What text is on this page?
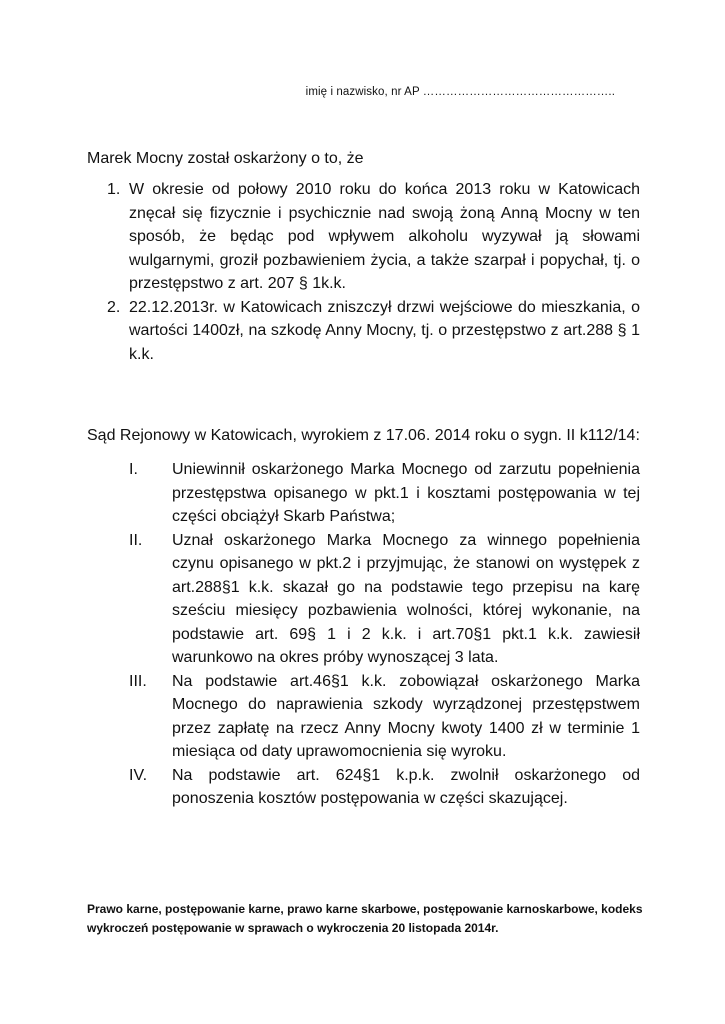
imię i nazwisko, nr AP …………………………………………..
Marek Mocny został oskarżony o to, że
1. W okresie od połowy 2010 roku do końca 2013 roku w Katowicach znęcał się fizycznie i psychicznie nad swoją żoną Anną Mocny w ten sposób, że będąc pod wpływem alkoholu wyzywał ją słowami wulgarnymi, groził pozbawieniem życia, a także szarpał i popychał, tj. o przestępstwo z art. 207 § 1k.k.
2. 22.12.2013r. w Katowicach zniszczył drzwi wejściowe do mieszkania, o wartości 1400zł, na szkodę Anny Mocny, tj. o przestępstwo z art.288 § 1 k.k.
Sąd Rejonowy w Katowicach, wyrokiem z 17.06. 2014 roku o sygn. II k112/14:
I. Uniewinnił oskarżonego Marka Mocnego od zarzutu popełnienia przestępstwa opisanego w pkt.1 i kosztami postępowania w tej części obciążył Skarb Państwa;
II. Uznał oskarżonego Marka Mocnego za winnego popełnienia czynu opisanego w pkt.2 i przyjmując, że stanowi on występek z art.288§1 k.k. skazał go na podstawie tego przepisu na karę sześciu miesięcy pozbawienia wolności, której wykonanie, na podstawie art. 69§ 1 i 2 k.k. i art.70§1 pkt.1 k.k. zawiesił warunkowo na okres próby wynoszącej 3 lata.
III. Na podstawie art.46§1 k.k. zobowiązał oskarżonego Marka Mocnego do naprawienia szkody wyrządzonej przestępstwem przez zapłatę na rzecz Anny Mocny kwoty 1400 zł w terminie 1 miesiąca od daty uprawomocnienia się wyroku.
IV. Na podstawie art. 624§1 k.p.k. zwolnił oskarżonego od ponoszenia kosztów postępowania w części skazującej.
Prawo karne, postępowanie karne, prawo karne skarbowe, postępowanie karnoskarbowe, kodeks wykroczeń postępowanie w sprawach o wykroczenia 20 listopada 2014r.
